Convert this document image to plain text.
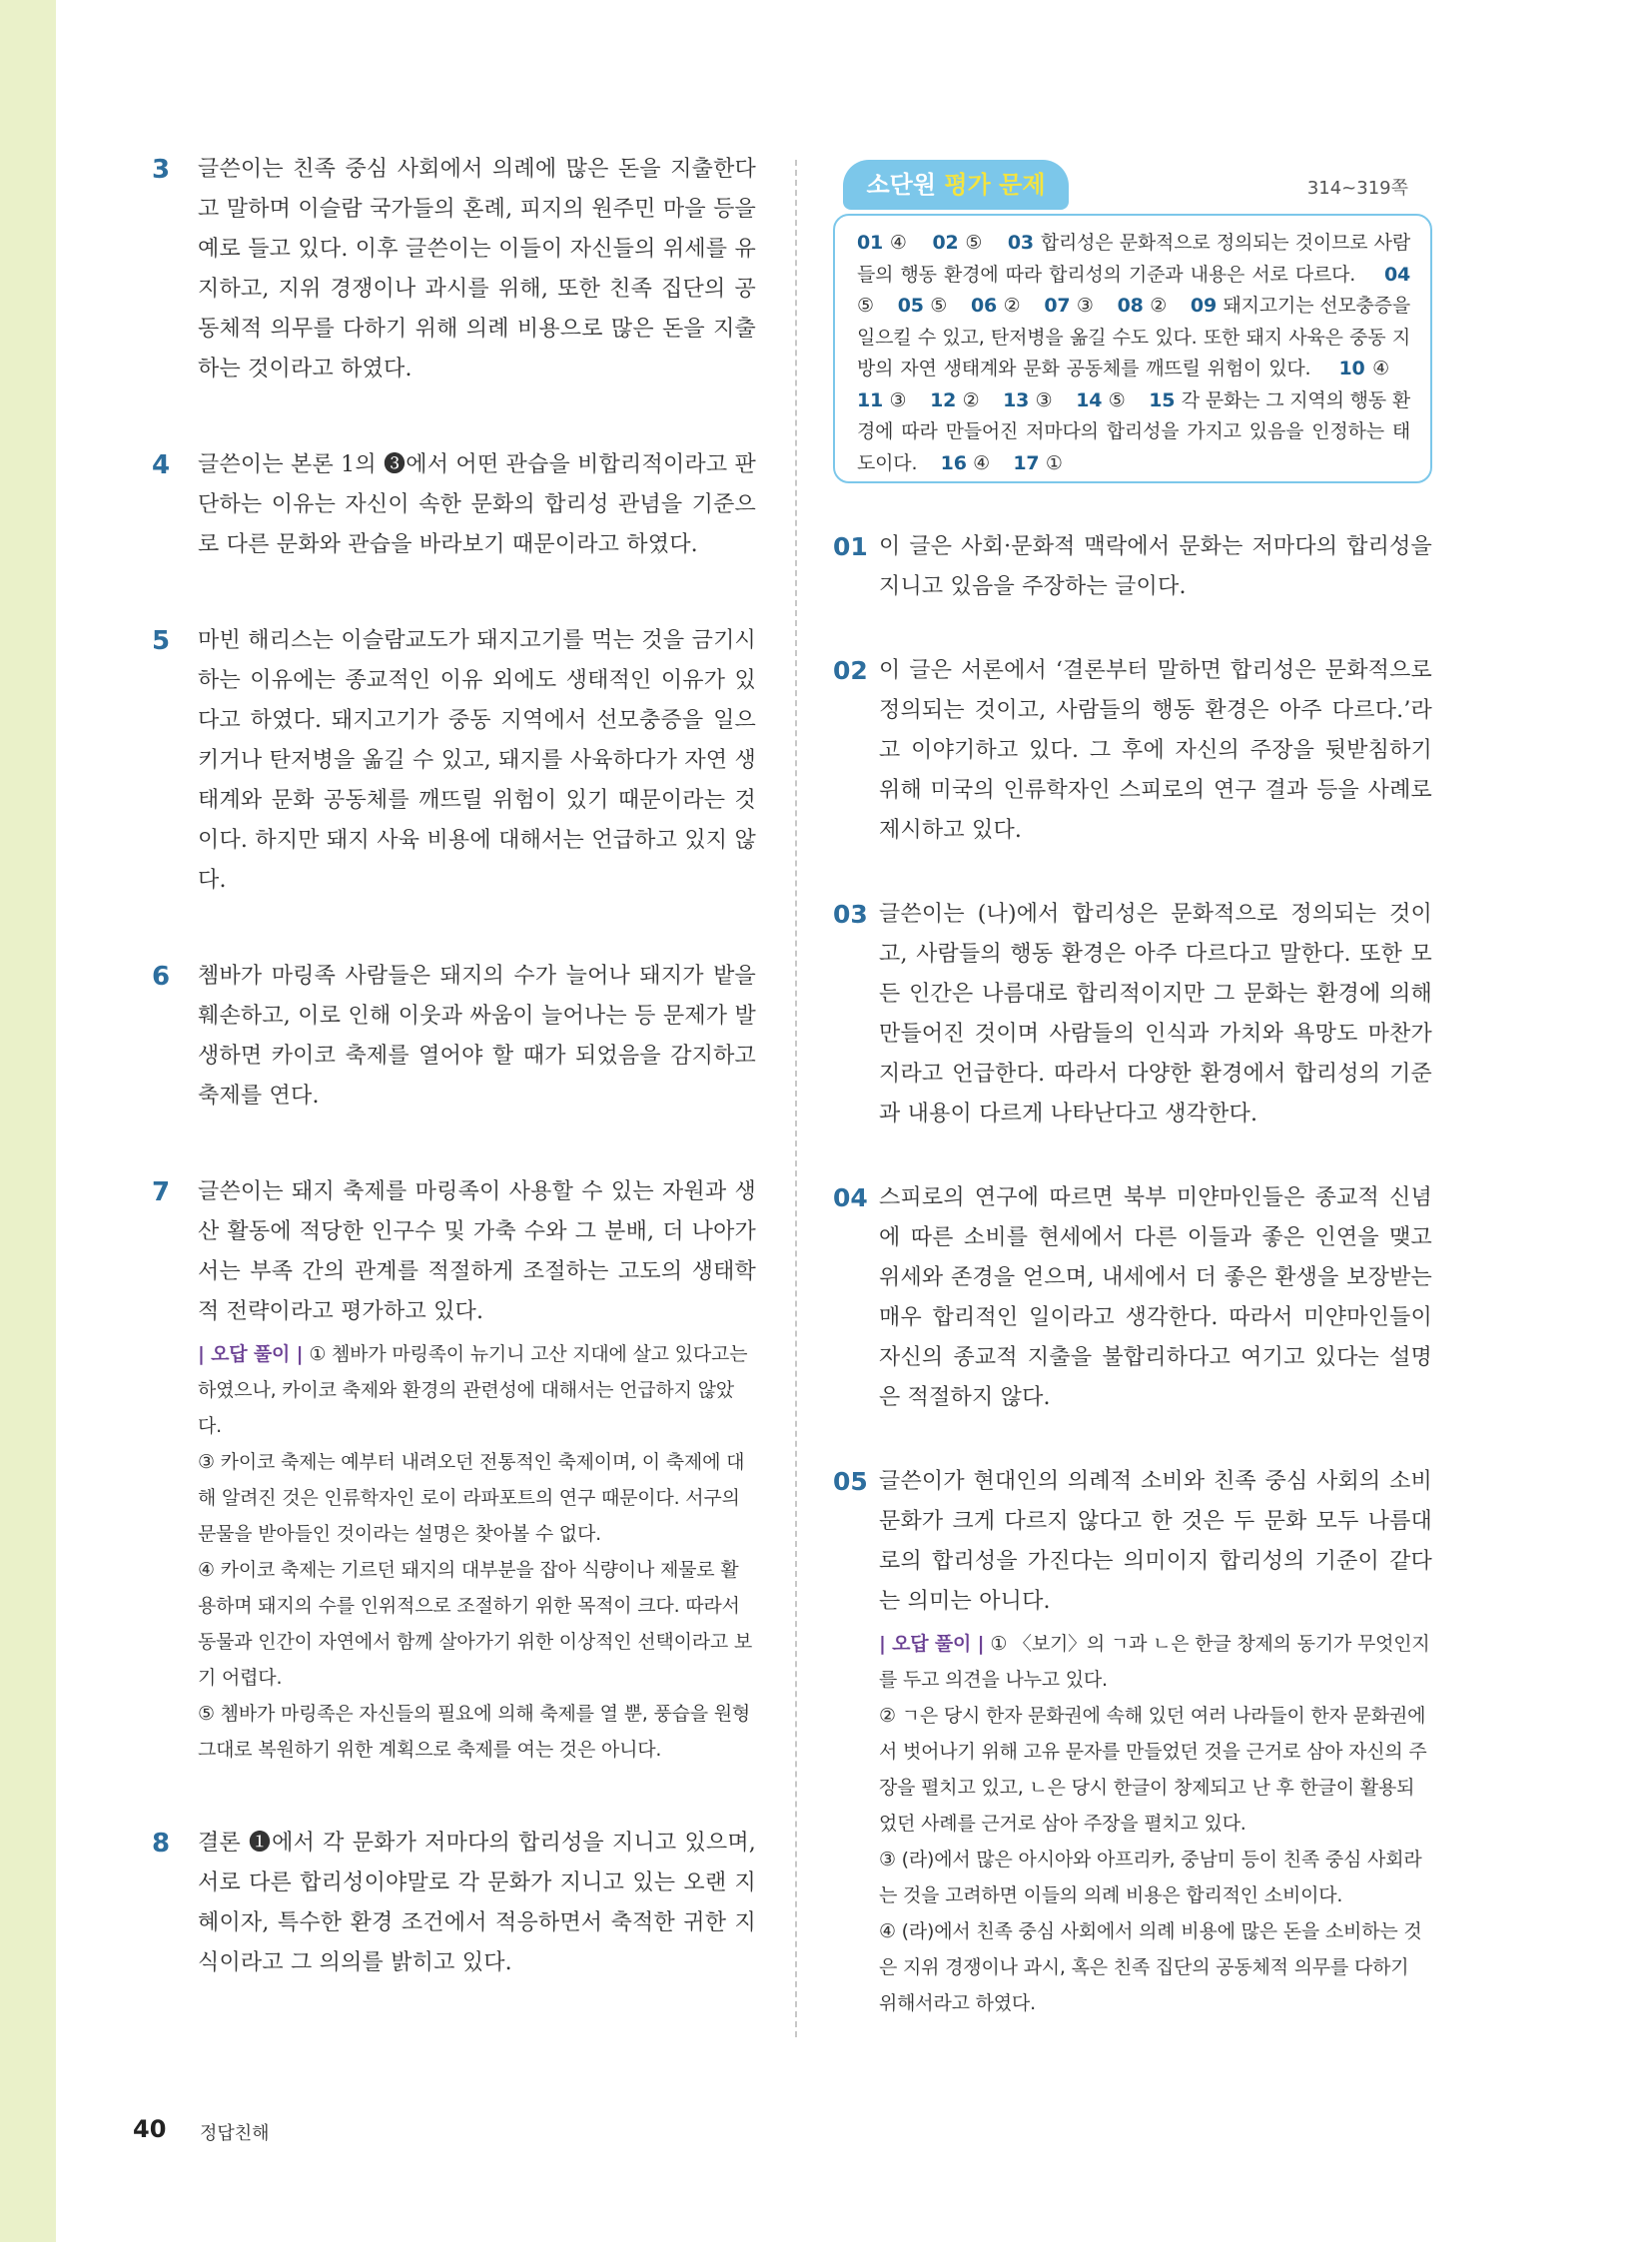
3 글쓴이는 친족 중심 사회에서 의례에 많은 돈을 지출한다고 말하며 이슬람 국가들의 혼례, 피지의 원주민 마을 등을 예로 들고 있다. 이후 글쓴이는 이들이 자신들의 위세를 유지하고, 지위 경쟁이나 과시를 위해, 또한 친족 집단의 공동체적 의무를 다하기 위해 의례 비용으로 많은 돈을 지출하는 것이라고 하였다.
4 글쓴이는 본론 1의 ❸에서 어떤 관습을 비합리적이라고 판단하는 이유는 자신이 속한 문화의 합리성 관념을 기준으로 다른 문화와 관습을 바라보기 때문이라고 하였다.
5 마빈 해리스는 이슬람교도가 돼지고기를 먹는 것을 금기시하는 이유에는 종교적인 이유 외에도 생태적인 이유가 있다고 하였다. 돼지고기가 중동 지역에서 선모충증을 일으키거나 탄저병을 옮길 수 있고, 돼지를 사육하다가 자연 생태계와 문화 공동체를 깨뜨릴 위험이 있기 때문이라는 것이다. 하지만 돼지 사육 비용에 대해서는 언급하고 있지 않다.
6 쳄바가 마링족 사람들은 돼지의 수가 늘어나 돼지가 밭을 훼손하고, 이로 인해 이웃과 싸움이 늘어나는 등 문제가 발생하면 카이코 축제를 열어야 할 때가 되었음을 감지하고 축제를 연다.
7 글쓴이는 돼지 축제를 마링족이 사용할 수 있는 자원과 생산 활동에 적당한 인구수 및 가축 수와 그 분배, 더 나아가서는 부족 간의 관계를 적절하게 조절하는 고도의 생태학적 전략이라고 평가하고 있다.
| 오답 풀이 | ① 쳄바가 마링족이 뉴기니 고산 지대에 살고 있다고는 하였으나, 카이코 축제와 환경의 관련성에 대해서는 언급하지 않았다.
③ 카이코 축제는 예부터 내려오던 전통적인 축제이며, 이 축제에 대해 알려진 것은 인류학자인 로이 라파포트의 연구 때문이다. 서구의 문물을 받아들인 것이라는 설명은 찾아볼 수 없다.
④ 카이코 축제는 기르던 돼지의 대부분을 잡아 식량이나 제물로 활용하며 돼지의 수를 인위적으로 조절하기 위한 목적이 크다. 따라서 동물과 인간이 자연에서 함께 살아가기 위한 이상적인 선택이라고 보기 어렵다.
⑤ 쳄바가 마링족은 자신들의 필요에 의해 축제를 열 뿐, 풍습을 원형 그대로 복원하기 위한 계획으로 축제를 여는 것은 아니다.
8 결론 ❶에서 각 문화가 저마다의 합리성을 지니고 있으며, 서로 다른 합리성이야말로 각 문화가 지니고 있는 오랜 지혜이자, 특수한 환경 조건에서 적응하면서 축적한 귀한 지식이라고 그 의의를 밝히고 있다.
소단원 평가 문제	314~319쪽
01 ④ 02 ⑤ 03 합리성은 문화적으로 정의되는 것이므로 사람들의 행동 환경에 따라 합리성의 기준과 내용은 서로 다르다. 04 ⑤ 05 ⑤ 06 ② 07 ③ 08 ② 09 돼지고기는 선모충증을 일으킬 수 있고, 탄저병을 옮길 수도 있다. 또한 돼지 사육은 중동 지방의 자연 생태계와 문화 공동체를 깨뜨릴 위험이 있다. 10 ④    11 ③ 12 ② 13 ③ 14 ⑤ 15 각 문화는 그 지역의 행동 환경에 따라 만들어진 저마다의 합리성을 가지고 있음을 인정하는 태도이다. 16 ④ 17 ①
01 이 글은 사회·문화적 맥락에서 문화는 저마다의 합리성을 지니고 있음을 주장하는 글이다.
02 이 글은 서론에서 ‘결론부터 말하면 합리성은 문화적으로 정의되는 것이고, 사람들의 행동 환경은 아주 다르다.’라고 이야기하고 있다. 그 후에 자신의 주장을 뒷받침하기 위해 미국의 인류학자인 스피로의 연구 결과 등을 사례로 제시하고 있다.
03 글쓴이는 (나)에서 합리성은 문화적으로 정의되는 것이고, 사람들의 행동 환경은 아주 다르다고 말한다. 또한 모든 인간은 나름대로 합리적이지만 그 문화는 환경에 의해 만들어진 것이며 사람들의 인식과 가치와 욕망도 마찬가지라고 언급한다. 따라서 다양한 환경에서 합리성의 기준과 내용이 다르게 나타난다고 생각한다.
04 스피로의 연구에 따르면 북부 미얀마인들은 종교적 신념에 따른 소비를 현세에서 다른 이들과 좋은 인연을 맺고 위세와 존경을 얻으며, 내세에서 더 좋은 환생을 보장받는 매우 합리적인 일이라고 생각한다. 따라서 미얀마인들이 자신의 종교적 지출을 불합리하다고 여기고 있다는 설명은 적절하지 않다.
05 글쓴이가 현대인의 의례적 소비와 친족 중심 사회의 소비문화가 크게 다르지 않다고 한 것은 두 문화 모두 나름대로의 합리성을 가진다는 의미이지 합리성의 기준이 같다는 의미는 아니다.
| 오답 풀이 | ① 〈보기〉의 ㄱ과 ㄴ은 한글 창제의 동기가 무엇인지를 두고 의견을 나누고 있다.
② ㄱ은 당시 한자 문화권에 속해 있던 여러 나라들이 한자 문화권에서 벗어나기 위해 고유 문자를 만들었던 것을 근거로 삼아 자신의 주장을 펼치고 있고, ㄴ은 당시 한글이 창제되고 난 후 한글이 활용되었던 사례를 근거로 삼아 주장을 펼치고 있다.
③ (라)에서 많은 아시아와 아프리카, 중남미 등이 친족 중심 사회라는 것을 고려하면 이들의 의례 비용은 합리적인 소비이다.
④ (라)에서 친족 중심 사회에서 의례 비용에 많은 돈을 소비하는 것은 지위 경쟁이나 과시, 혹은 친족 집단의 공동체적 의무를 다하기 위해서라고 하였다.
40 정답친해
